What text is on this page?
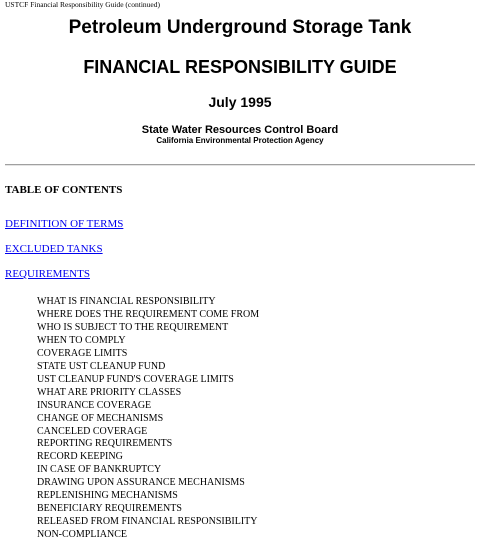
USTCF Financial Responsibility Guide (continued)
Petroleum Underground Storage Tank
FINANCIAL RESPONSIBILITY GUIDE
July 1995
State Water Resources Control Board
California Environmental Protection Agency
TABLE OF CONTENTS
DEFINITION OF TERMS
EXCLUDED TANKS
REQUIREMENTS
WHAT IS FINANCIAL RESPONSIBILITY
WHERE DOES THE REQUIREMENT COME FROM
WHO IS SUBJECT TO THE REQUIREMENT
WHEN TO COMPLY
COVERAGE LIMITS
STATE UST CLEANUP FUND
UST CLEANUP FUND'S COVERAGE LIMITS
WHAT ARE PRIORITY CLASSES
INSURANCE COVERAGE
CHANGE OF MECHANISMS
CANCELED COVERAGE
REPORTING REQUIREMENTS
RECORD KEEPING
IN CASE OF BANKRUPTCY
DRAWING UPON ASSURANCE MECHANISMS
REPLENISHING MECHANISMS
BENEFICIARY REQUIREMENTS
RELEASED FROM FINANCIAL RESPONSIBILITY
NON-COMPLIANCE
